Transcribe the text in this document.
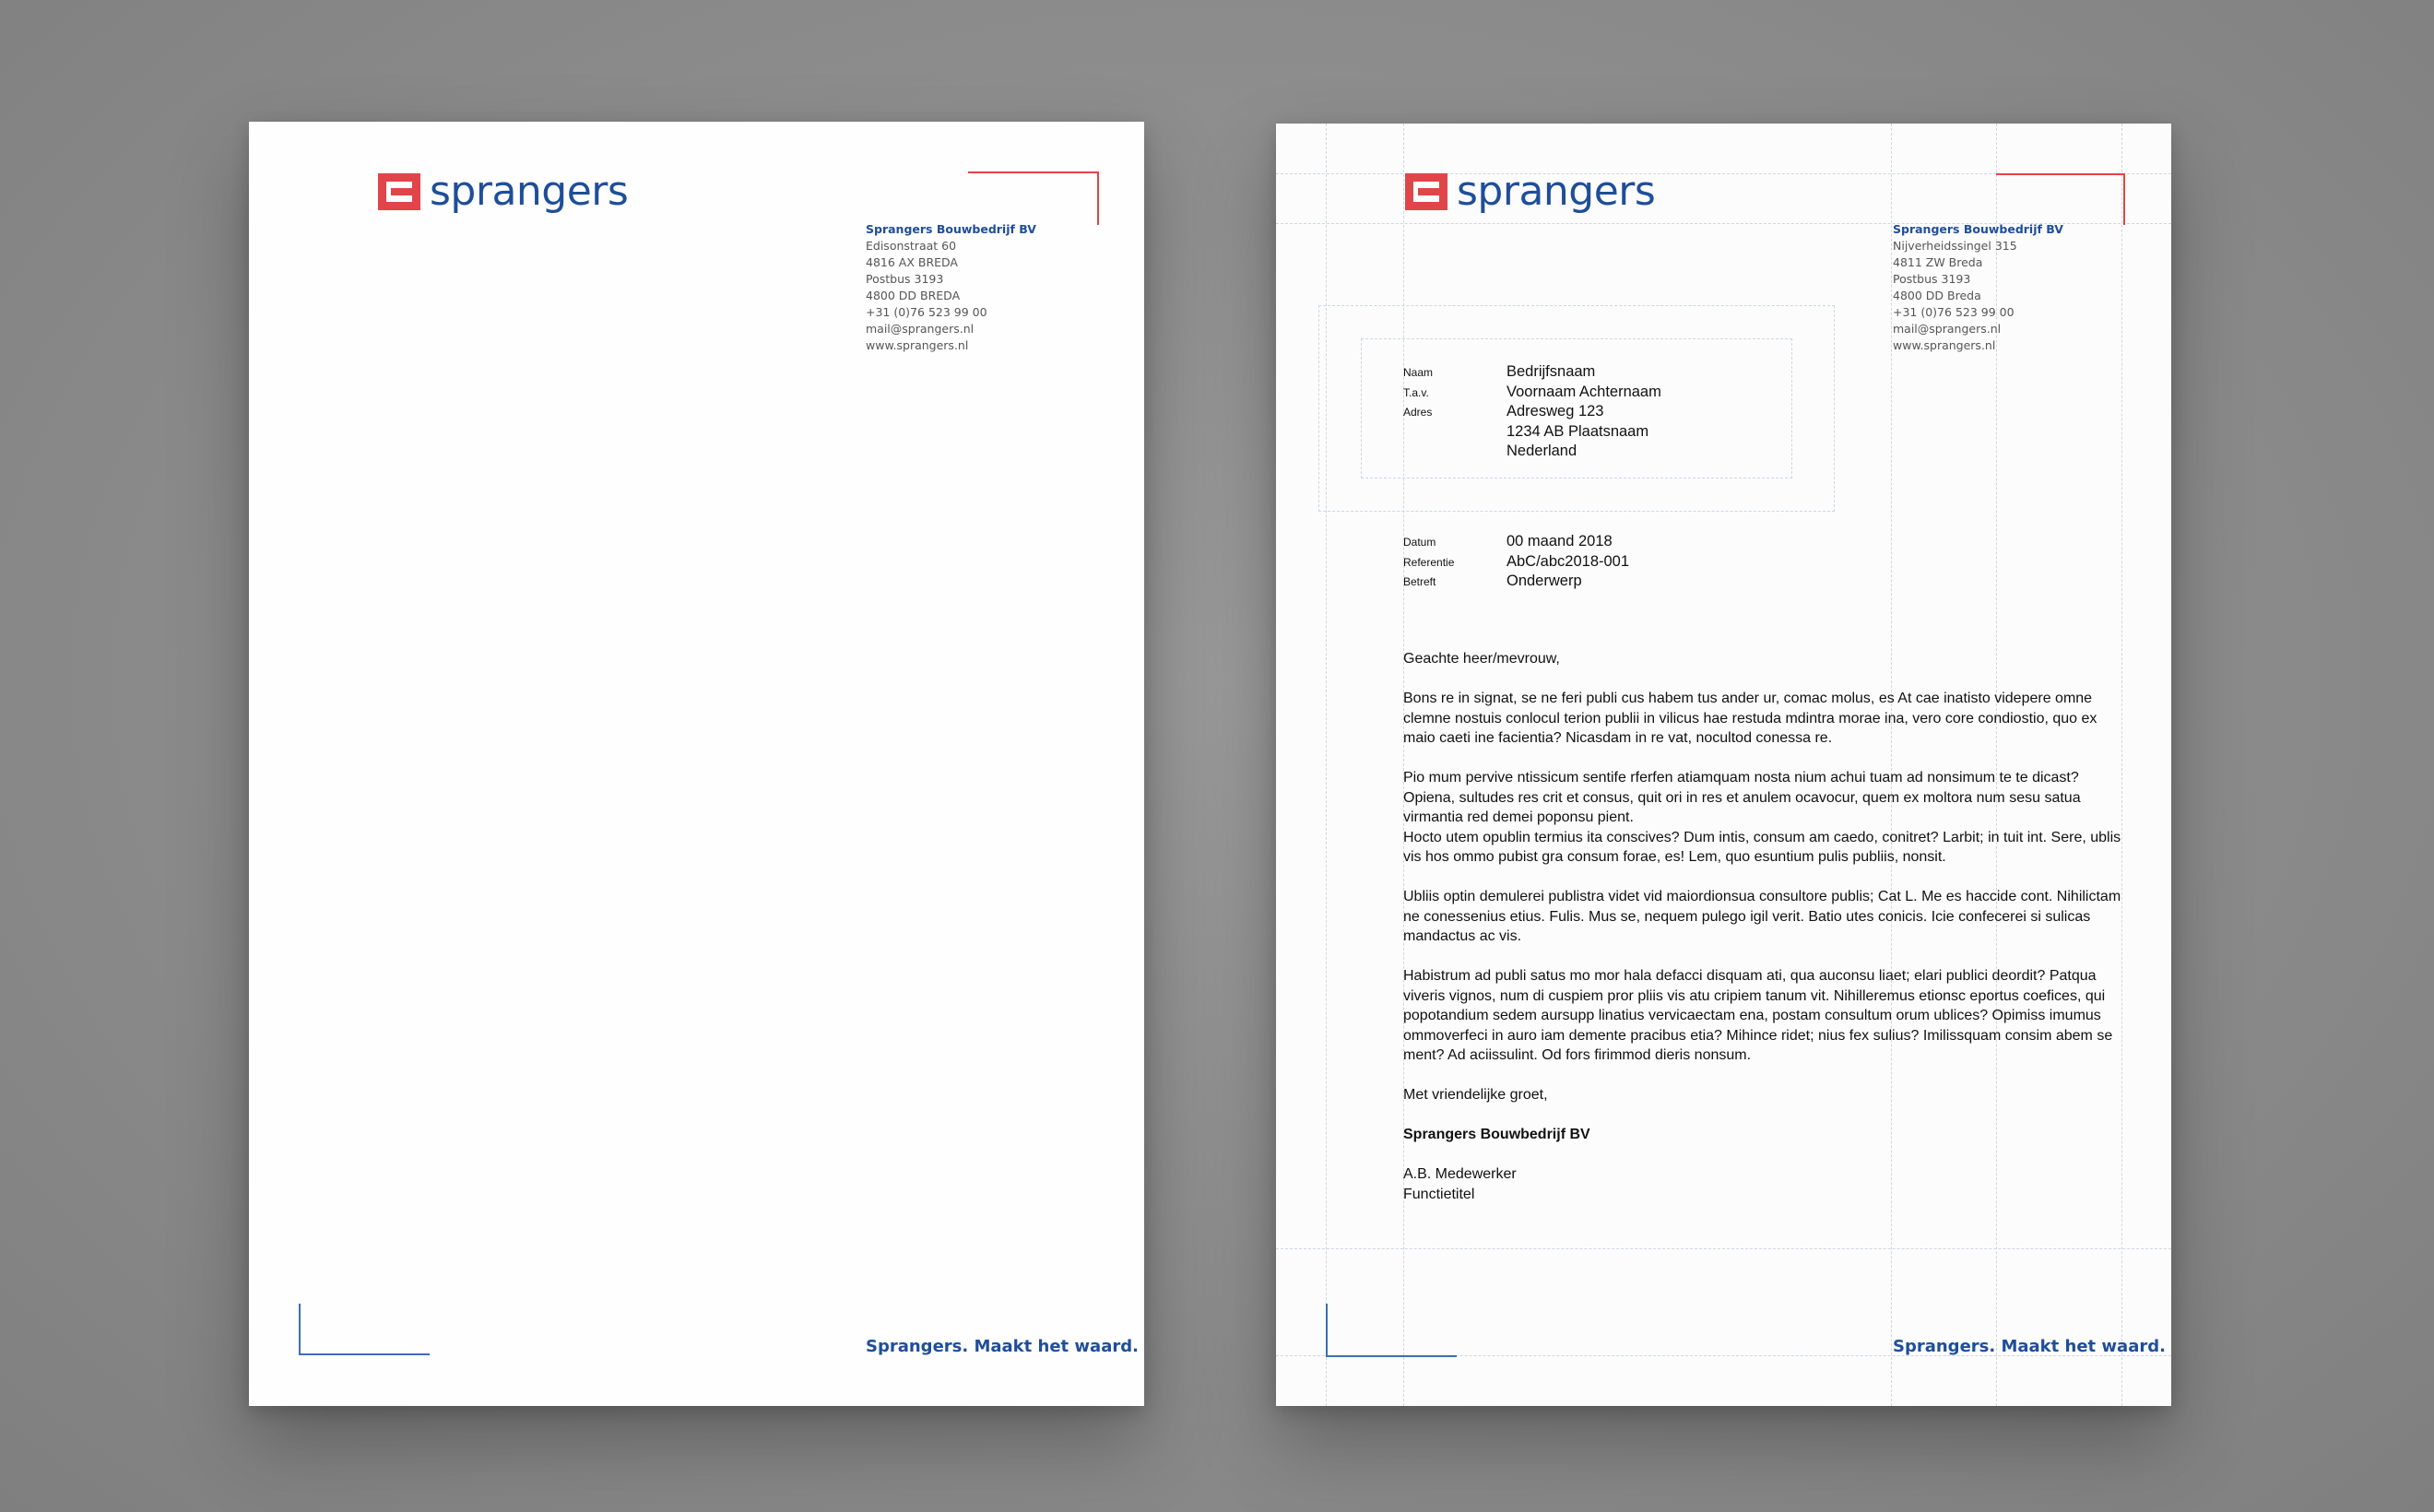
sprangers
Sprangers Bouwbedrijf BV
Edisonstraat 60
4816 AX BREDA
Postbus 3193
4800 DD BREDA
+31 (0)76 523 99 00
mail@sprangers.nl
www.sprangers.nl
Sprangers. Maakt het waard.
sprangers
Sprangers Bouwbedrijf BV
Nijverheidssingel 315
4811 ZW Breda
Postbus 3193
4800 DD Breda
+31 (0)76 523 99 00
mail@sprangers.nl
www.sprangers.nl
Naam	Bedrijfsnaam
T.a.v.	Voornaam Achternaam
Adres	Adresweg 123
1234 AB Plaatsnaam
Nederland
Datum	00 maand 2018
Referentie	AbC/abc2018-001
Betreft	Onderwerp

Geachte heer/mevrouw,

Bons re in signat, se ne feri publi cus habem tus ander ur, comac molus, es At cae inatisto videpere omne clemne nostuis conlocul terion publii in vilicus hae restuda mdintra morae ina, vero core condiostio, quo ex maio caeti ine facientia? Nicasdam in re vat, nocultod conessa re.

Pio mum pervive ntissicum sentife rferfen atiamquam nosta nium achui tuam ad nonsimum te te dicast? Opiena, sultudes res crit et consus, quit ori in res et anulem ocavocur, quem ex moltora num sesu satua virmantia red demei poponsu pient.

Hocto utem opublin termius ita conscives? Dum intis, consum am caedo, conitret? Larbit; in tuit int. Sere, ublis vis hos ommo pubist gra consum forae, es! Lem, quo esuntium pulis publiis, nonsit.

Ubliis optin demulerei publistra videt vid maiordionsua consultore publis; Cat L. Me es haccide cont. Nihilictam ne conessenius etius. Fulis. Mus se, nequem pulego igil verit. Batio utes conicis. Icie confecerei si sulicas mandactus ac vis.

Habistrum ad publi satus mo mor hala defacci disquam ati, qua auconsu liaet; elari publici deordit? Patqua viveris vignos, num di cuspiem pror pliis vis atu cripiem tanum vit. Nihilleremus etionsc eportus coefices, qui popotandium sedem aursupp linatius vervicaectam ena, postam consultum orum ublices? Opimiss imumus ommoverfeci in auro iam demente pracibus etia? Mihince ridet; nius fex sulius? Imilissquam consim abem se ment? Ad aciissulint. Od fors firimmod dieris nonsum.

Met vriendelijke groet,

Sprangers Bouwbedrijf BV

A.B. Medewerker

Functietitel

Sprangers. Maakt het waard.
